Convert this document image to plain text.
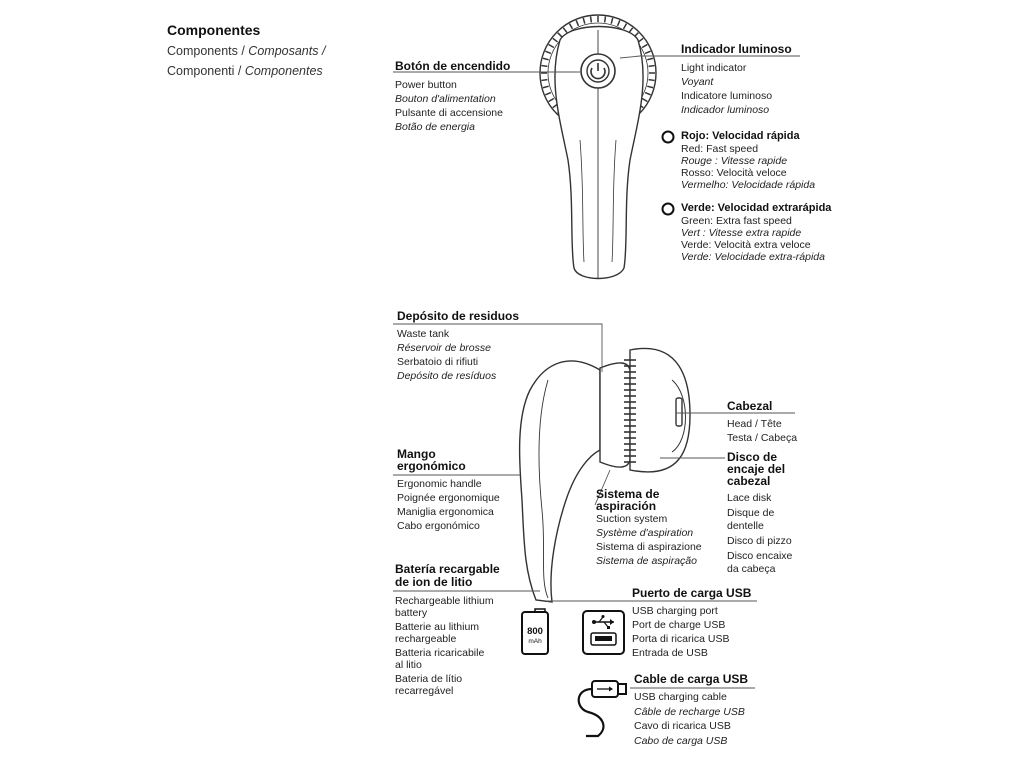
Componentes
Components / Composants /
Componenti / Componentes
800
mAh
Botón de encendido
Power button
Bouton d'alimentation
Pulsante di accensione
Botão de energia
Indicador luminoso
Light indicator
Voyant
Indicatore luminoso
Indicador luminoso
Rojo: Velocidad rápida
Red: Fast speed
Rouge : Vitesse rapide
Rosso: Velocità veloce
Vermelho: Velocidade rápida
Verde: Velocidad extrarápida
Green: Extra fast speed
Vert : Vitesse extra rapide
Verde: Velocità extra veloce
Verde: Velocidade extra-rápida
Depósito de residuos
Waste tank
Réservoir de brosse
Serbatoio di rifiuti
Depósito de resíduos
Cabezal
Head / Tête
Testa / Cabeça
Disco de
encaje del
cabezal
Lace disk
Disque de
dentelle
Disco di pizzo
Disco encaixe
da cabeça
Mango
ergonómico
Ergonomic handle
Poignée ergonomique
Maniglia ergonomica
Cabo ergonómico
Sistema de
aspiración
Suction system
Système d'aspiration
Sistema di aspirazione
Sistema de aspiração
Batería recargable
de ion de litio
Rechargeable lithium
battery
Batterie au lithium
rechargeable
Batteria ricaricabile
al litio
Bateria de lítio
recarregável
Puerto de carga USB
USB charging port
Port de charge USB
Porta di ricarica USB
Entrada de USB
Cable de carga USB
USB charging cable
Câble de recharge USB
Cavo di ricarica USB
Cabo de carga USB
